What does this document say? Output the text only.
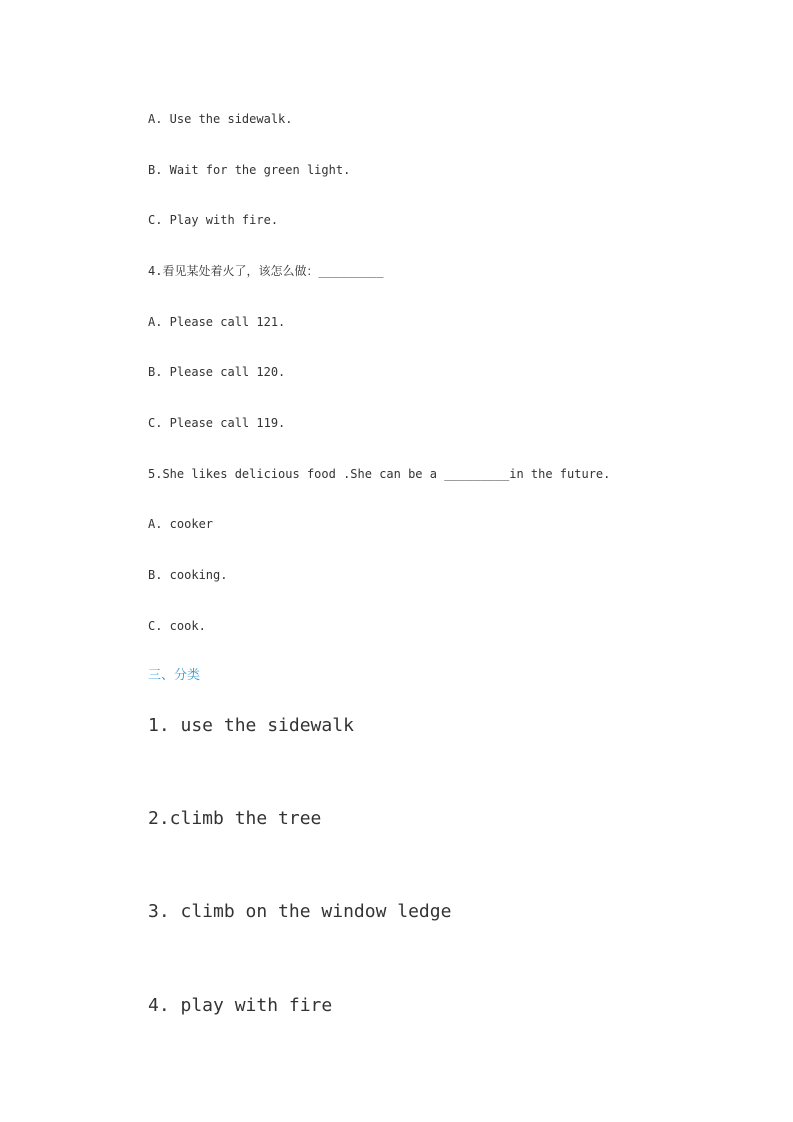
A. Use the sidewalk.

B. Wait for the green light.

C. Play with fire.

4.看见某处着火了，该怎么做：_________

A. Please call 121.

B. Please call 120.

C. Please call 119.

5.She likes delicious food .She can be a _________in the future.

A. cooker

B. cooking.

C. cook.

三、分类

1. use the sidewalk

2.climb the tree

3. climb on the window ledge

4. play with fire
